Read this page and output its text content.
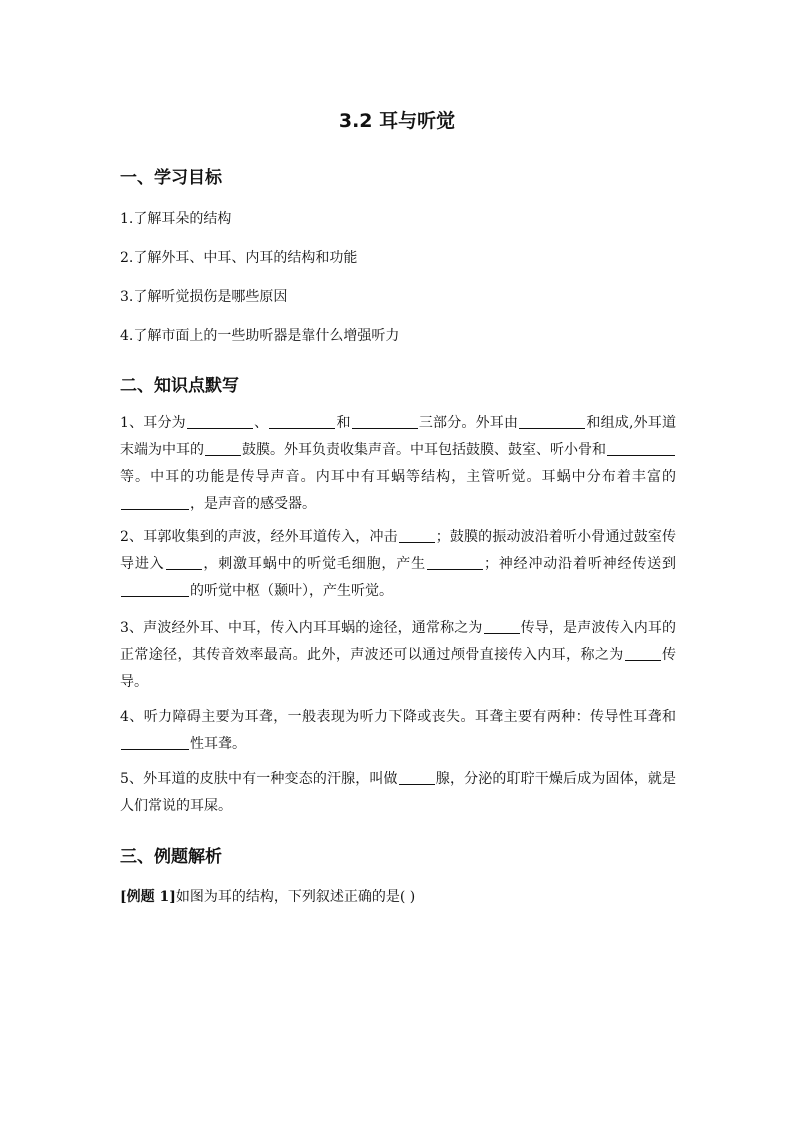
3.2 耳与听觉
一、学习目标
1.了解耳朵的结构
2.了解外耳、中耳、内耳的结构和功能
3.了解听觉损伤是哪些原因
4.了解市面上的一些助听器是靠什么增强听力
二、知识点默写
1、耳分为	、	和	三部分。外耳由	和组成,外耳道末端为中耳的	鼓膜。外耳负责收集声音。中耳包括鼓膜、鼓室、听小骨和等。中耳的功能是传导声音。内耳中有耳蜗等结构，主管听觉。耳蜗中分布着丰富的，是声音的感受器。
2、耳郭收集到的声波，经外耳道传入，冲击	；鼓膜的振动波沿着听小骨通过鼓室传导进入	，刺激耳蜗中的听觉毛细胞，产生	；神经冲动沿着听神经传送到的听觉中枢（颞叶），产生听觉。
3、声波经外耳、中耳，传入内耳耳蜗的途径，通常称之为	传导，是声波传入内耳的正常途径，其传音效率最高。此外，声波还可以通过颅骨直接传入内耳，称之为	传导。
4、听力障碍主要为耳聋，一般表现为听力下降或丧失。耳聋主要有两种：传导性耳聋和性耳聋。
5、外耳道的皮肤中有一种变态的汗腺，叫做	腺，分泌的耵聍干燥后成为固体，就是人们常说的耳屎。
三、例题解析
[例题 1]如图为耳的结构，下列叙述正确的是( )
